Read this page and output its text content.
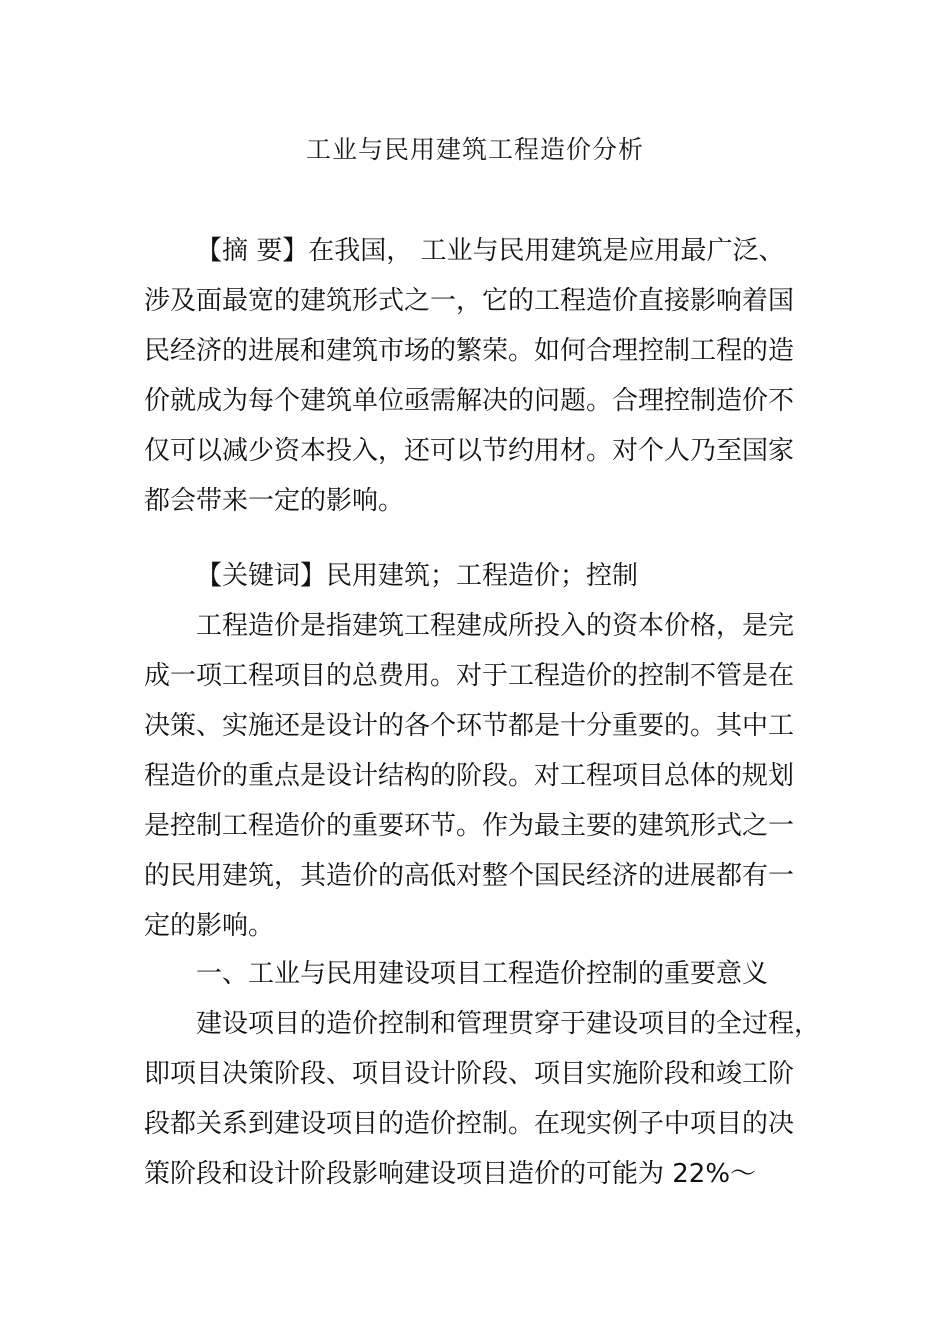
工业与民用建筑工程造价分析
【摘 要】在我国， 工业与民用建筑是应用最广泛、
涉及面最宽的建筑形式之一，它的工程造价直接影响着国
民经济的进展和建筑市场的繁荣。如何合理控制工程的造
价就成为每个建筑单位亟需解决的问题。合理控制造价不
仅可以减少资本投入，还可以节约用材。对个人乃至国家
都会带来一定的影响。
【关键词】民用建筑；工程造价；控制
工程造价是指建筑工程建成所投入的资本价格，是完
成一项工程项目的总费用。对于工程造价的控制不管是在
决策、实施还是设计的各个环节都是十分重要的。其中工
程造价的重点是设计结构的阶段。对工程项目总体的规划
是控制工程造价的重要环节。作为最主要的建筑形式之一
的民用建筑，其造价的高低对整个国民经济的进展都有一
定的影响。
一、工业与民用建设项目工程造价控制的重要意义
建设项目的造价控制和管理贯穿于建设项目的全过程，
即项目决策阶段、项目设计阶段、项目实施阶段和竣工阶
段都关系到建设项目的造价控制。在现实例子中项目的决
策阶段和设计阶段影响建设项目造价的可能为 22%～
